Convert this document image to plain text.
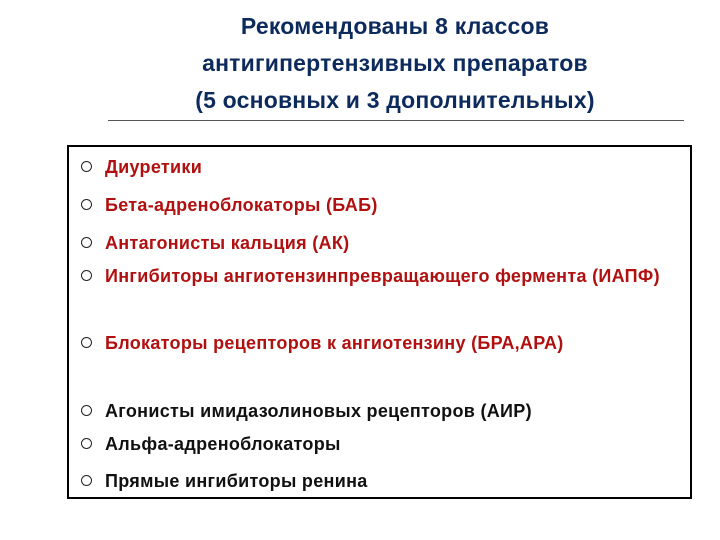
Рекомендованы 8 классов
антигипертензивных препаратов
(5 основных и 3 дополнительных)
Диуретики
Бета-адреноблокаторы (БАБ)
Антагонисты кальция (АК)
Ингибиторы ангиотензинпревращающего фермента (ИАПФ)
Блокаторы рецепторов к ангиотензину (БРА,АРА)
Агонисты имидазолиновых рецепторов (АИР)
Альфа-адреноблокаторы
Прямые ингибиторы ренина
